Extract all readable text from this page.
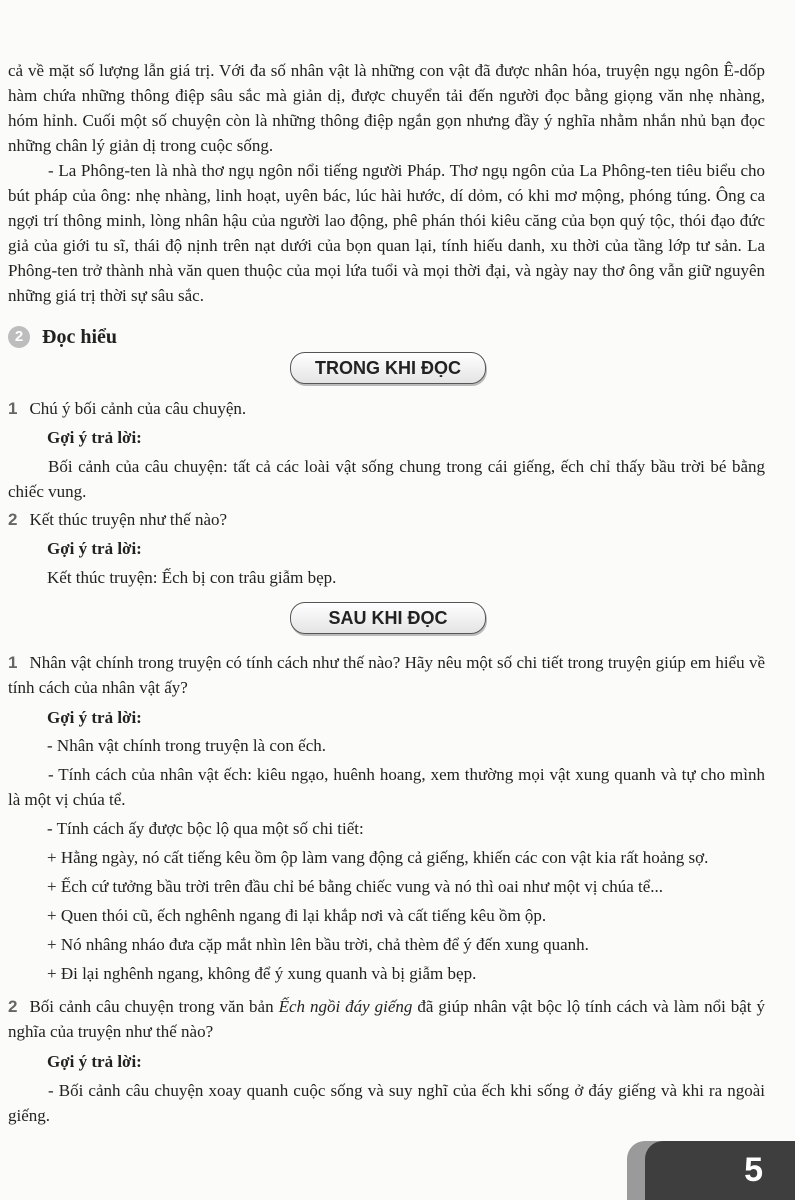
cả về mặt số lượng lẫn giá trị. Với đa số nhân vật là những con vật đã được nhân hóa, truyện ngụ ngôn Ê-dốp hàm chứa những thông điệp sâu sắc mà giản dị, được chuyển tải đến người đọc bằng giọng văn nhẹ nhàng, hóm hỉnh. Cuối một số chuyện còn là những thông điệp ngắn gọn nhưng đầy ý nghĩa nhằm nhắn nhủ bạn đọc những chân lý giản dị trong cuộc sống.

- La Phông-ten là nhà thơ ngụ ngôn nổi tiếng người Pháp. Thơ ngụ ngôn của La Phông-ten tiêu biểu cho bút pháp của ông: nhẹ nhàng, linh hoạt, uyên bác, lúc hài hước, dí dỏm, có khi mơ mộng, phóng túng. Ông ca ngợi trí thông minh, lòng nhân hậu của người lao động, phê phán thói kiêu căng của bọn quý tộc, thói đạo đức giả của giới tu sĩ, thái độ nịnh trên nạt dưới của bọn quan lại, tính hiếu danh, xu thời của tầng lớp tư sản. La Phông-ten trở thành nhà văn quen thuộc của mọi lứa tuổi và mọi thời đại, và ngày nay thơ ông vẫn giữ nguyên những giá trị thời sự sâu sắc.

2 Đọc hiểu
TRONG KHI ĐỌC

1 Chú ý bối cảnh của câu chuyện.

Gợi ý trả lời:

Bối cảnh của câu chuyện: tất cả các loài vật sống chung trong cái giếng, ếch chỉ thấy bầu trời bé bằng chiếc vung.

2 Kết thúc truyện như thế nào?

Gợi ý trả lời:

Kết thúc truyện: Ếch bị con trâu giẫm bẹp.

SAU KHI ĐỌC

1 Nhân vật chính trong truyện có tính cách như thế nào? Hãy nêu một số chi tiết trong truyện giúp em hiểu về tính cách của nhân vật ấy?

Gợi ý trả lời:

- Nhân vật chính trong truyện là con ếch.

- Tính cách của nhân vật ếch: kiêu ngạo, huênh hoang, xem thường mọi vật xung quanh và tự cho mình là một vị chúa tể.

- Tính cách ấy được bộc lộ qua một số chi tiết:

+ Hằng ngày, nó cất tiếng kêu ồm ộp làm vang động cả giếng, khiến các con vật kia rất hoảng sợ.

+ Ếch cứ tưởng bầu trời trên đầu chỉ bé bằng chiếc vung và nó thì oai như một vị chúa tể...

+ Quen thói cũ, ếch nghênh ngang đi lại khắp nơi và cất tiếng kêu ồm ộp.

+ Nó nhâng nháo đưa cặp mắt nhìn lên bầu trời, chả thèm để ý đến xung quanh.

+ Đi lại nghênh ngang, không để ý xung quanh và bị giẫm bẹp.

2 Bối cảnh câu chuyện trong văn bản Ếch ngồi đáy giếng đã giúp nhân vật bộc lộ tính cách và làm nổi bật ý nghĩa của truyện như thế nào?

Gợi ý trả lời:

- Bối cảnh câu chuyện xoay quanh cuộc sống và suy nghĩ của ếch khi sống ở đáy giếng và khi ra ngoài giếng.

5
